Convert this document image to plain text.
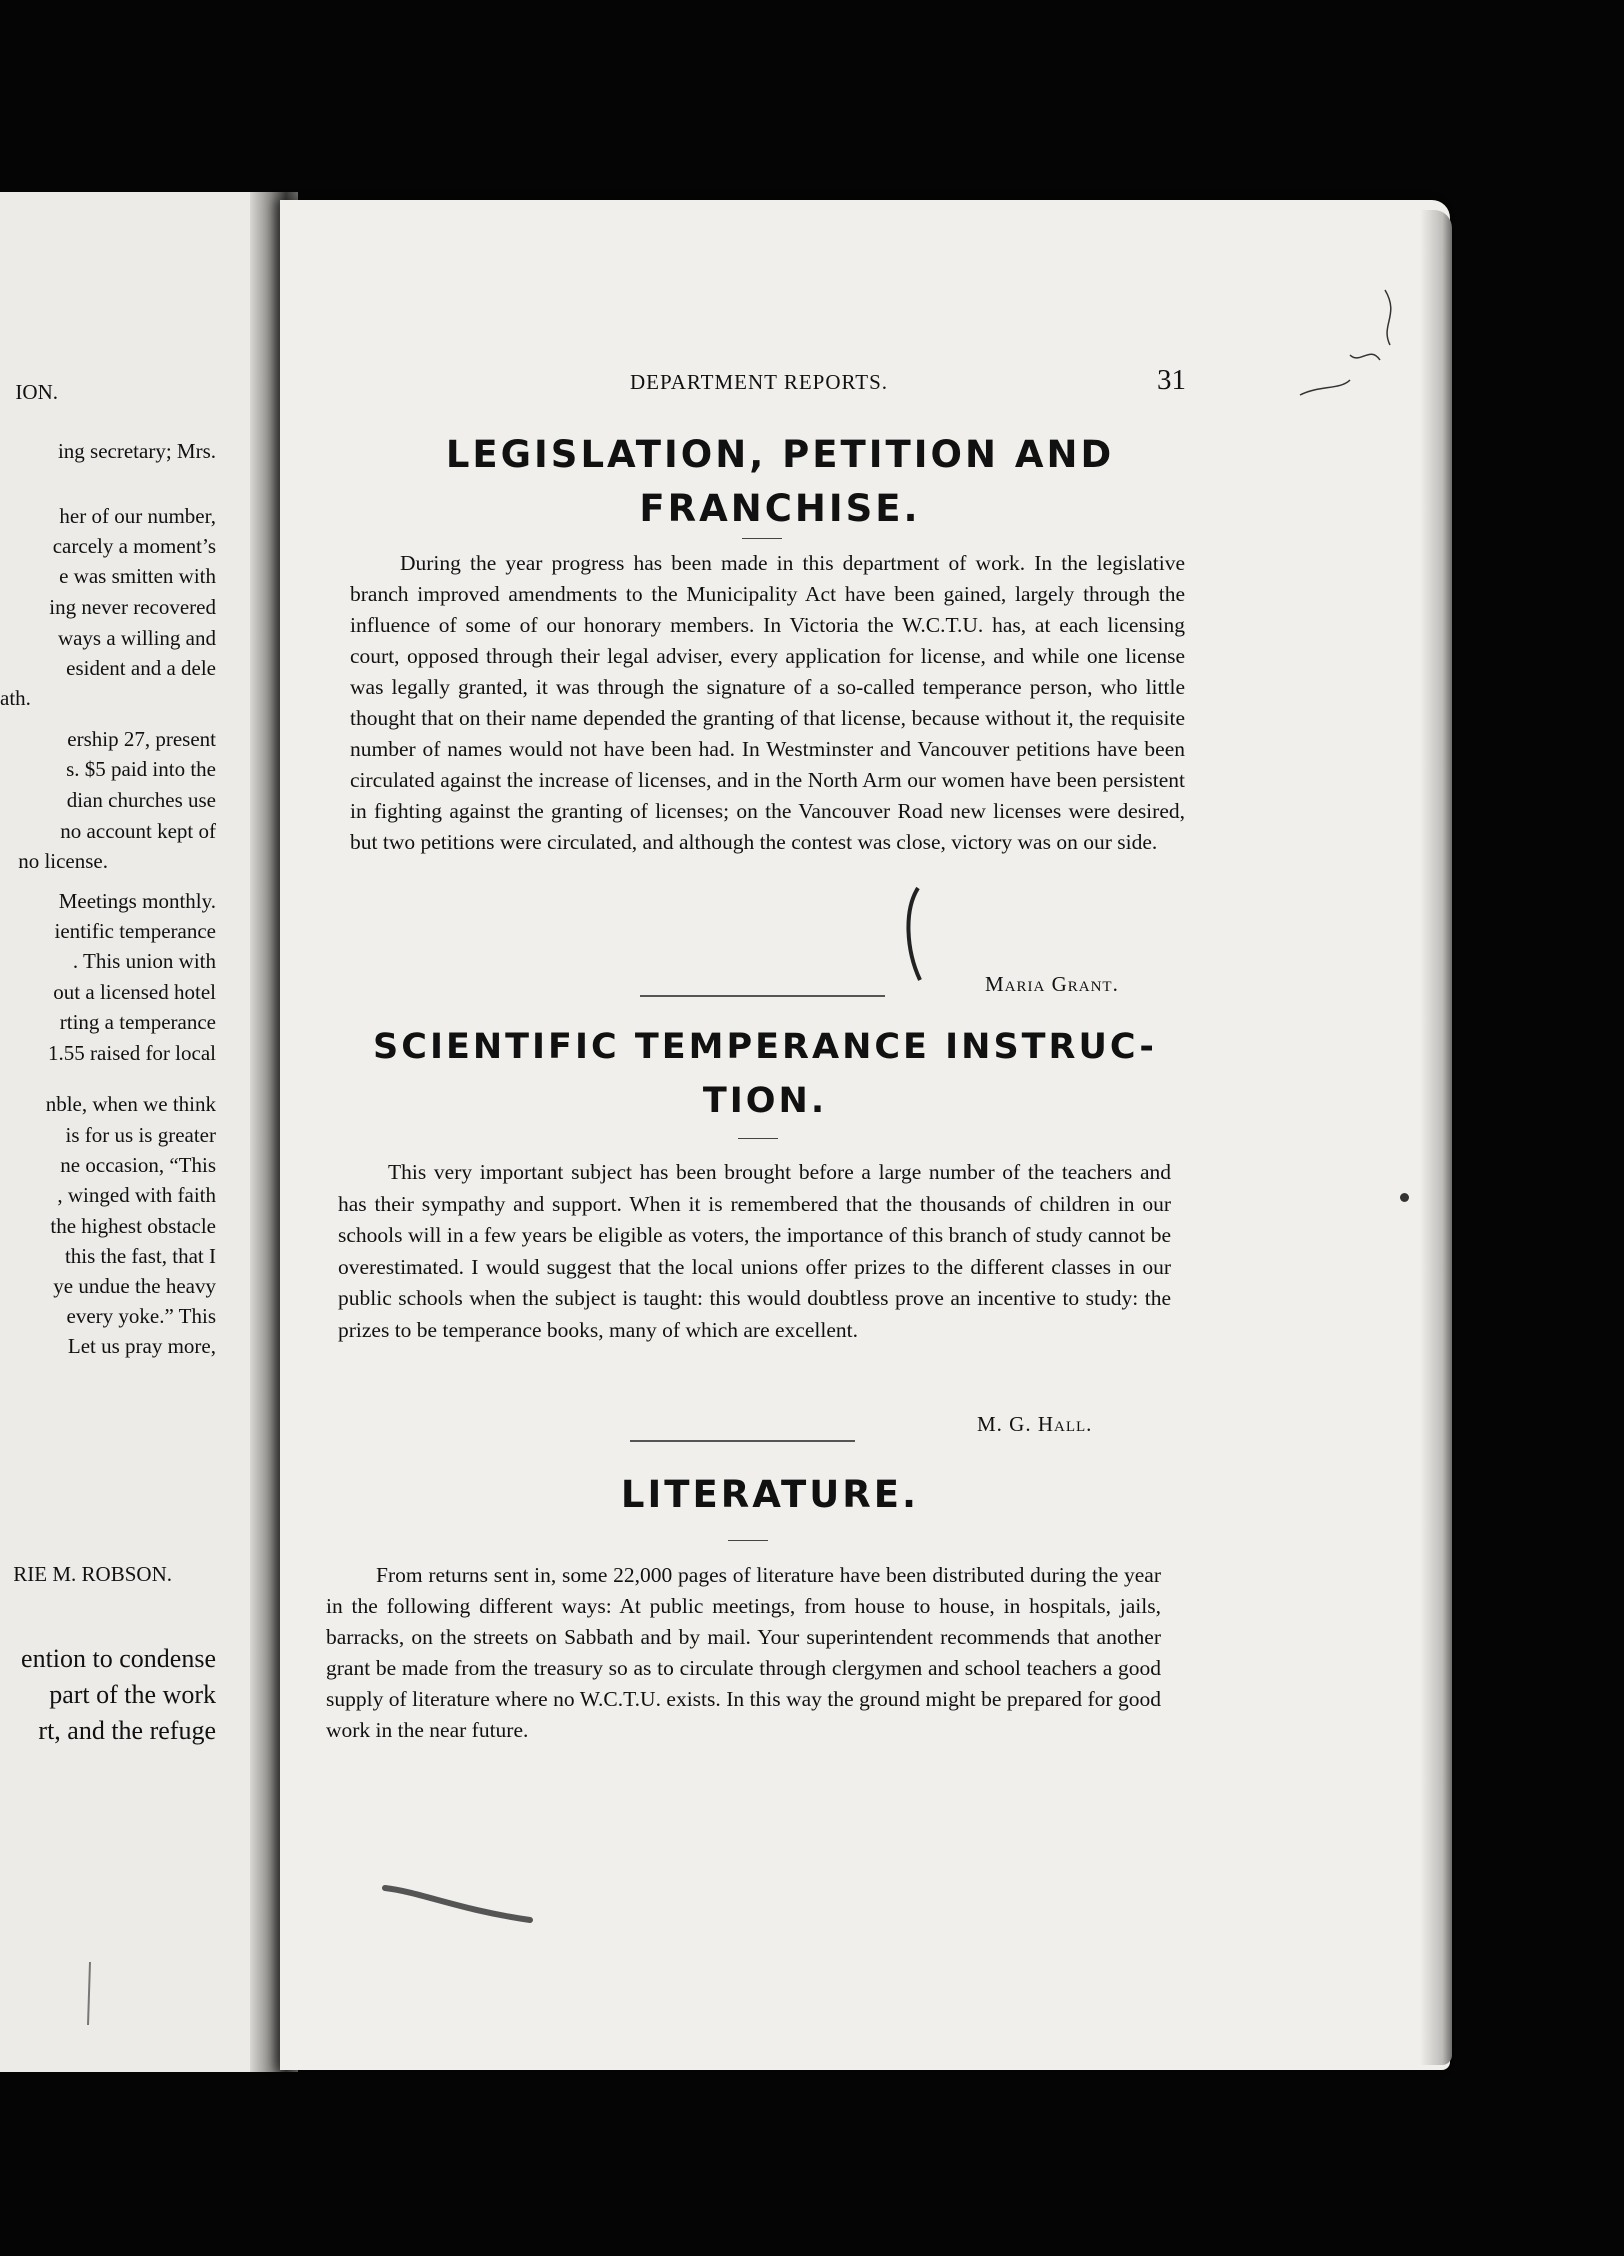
ION.
ing secretary; Mrs.
her of our number,
carcely a moment’s
e was smitten with
ing never recovered
ways a willing and
esident and a dele
ath.
ership 27, present
s. $5 paid into the
dian churches use
no account kept of
no license.
Meetings monthly.
ientific temperance
. This union with
out a licensed hotel
rting a temperance
1.55 raised for local
nble, when we think
is for us is greater
ne occasion, “This
, winged with faith
the highest obstacle
this the fast, that I
ye undue the heavy
every yoke.” This
Let us pray more,
RIE M. ROBSON.
ention to condense
part of the work
rt, and the refuge
DEPARTMENT REPORTS.	31
LEGISLATION, PETITION AND
FRANCHISE.

During the year progress has been made in this department of work. In the legislative branch improved amendments to the Municipality Act have been gained, largely through the influence of some of our honorary members. In Victoria the W.C.T.U. has, at each licensing court, opposed through their legal adviser, every application for license, and while one license was legally granted, it was through the signature of a so-called temperance person, who little thought that on their name depended the granting of that license, because without it, the requisite number of names would not have been had. In Westminster and Vancouver petitions have been circulated against the increase of licenses, and in the North Arm our women have been persistent in fighting against the granting of licenses; on the Vancouver Road new licenses were desired, but two petitions were circulated, and although the contest was close, victory was on our side.

Maria Grant.
SCIENTIFIC TEMPERANCE INSTRUC-
TION.

This very important subject has been brought before a large number of the teachers and has their sympathy and support. When it is remembered that the thousands of children in our schools will in a few years be eligible as voters, the importance of this branch of study cannot be overestimated. I would suggest that the local unions offer prizes to the different classes in our public schools when the subject is taught: this would doubtless prove an incentive to study: the prizes to be temperance books, many of which are excellent.

M. G. Hall.
LITERATURE.

From returns sent in, some 22,000 pages of literature have been distributed during the year in the following different ways: At public meetings, from house to house, in hospitals, jails, barracks, on the streets on Sabbath and by mail. Your superintendent recommends that another grant be made from the treasury so as to circulate through clergymen and school teachers a good supply of literature where no W.C.T.U. exists. In this way the ground might be prepared for good work in the near future.
